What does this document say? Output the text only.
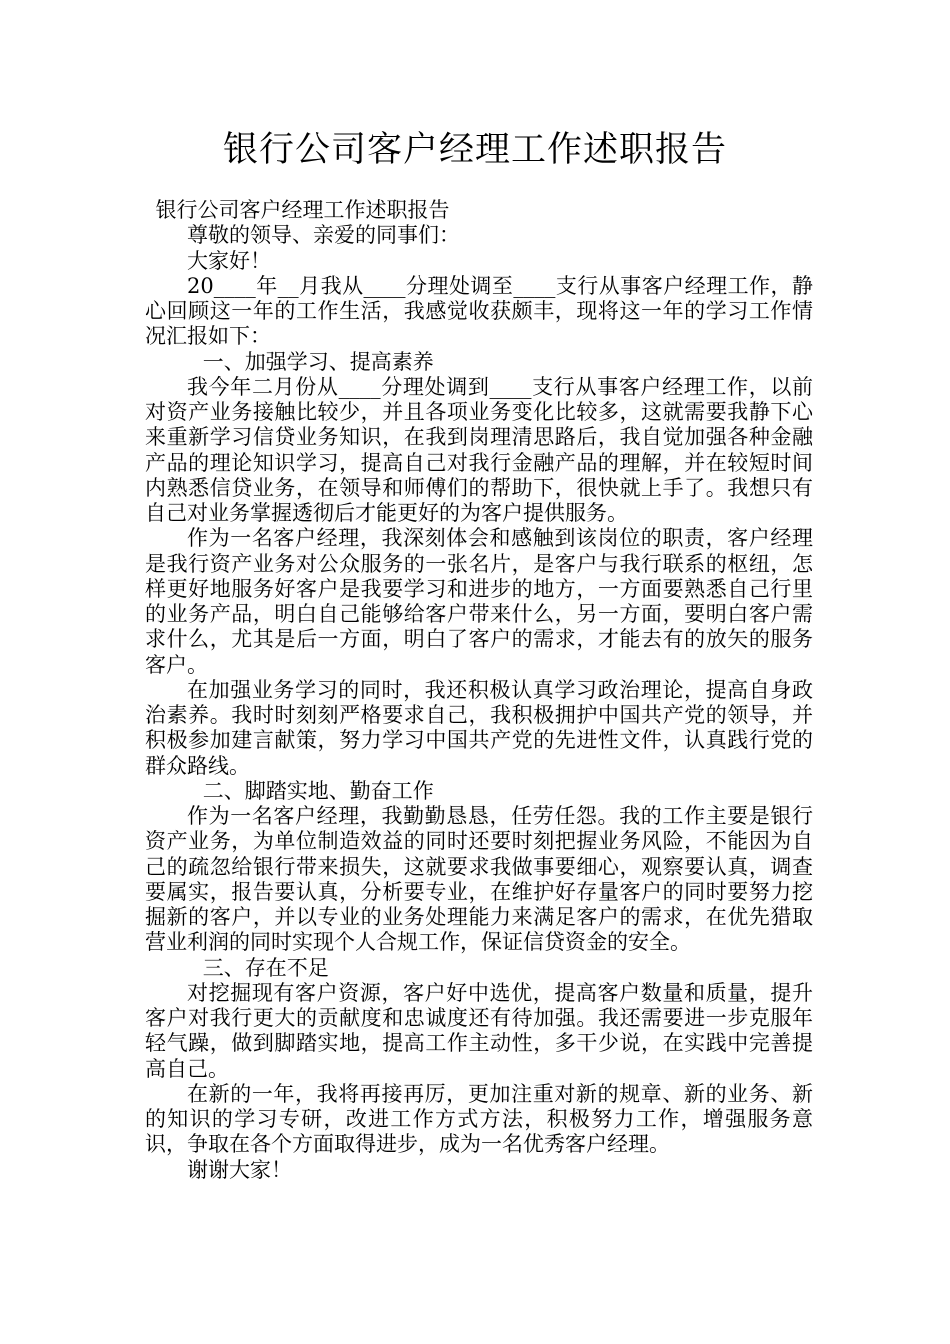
银行公司客户经理工作述职报告

银行公司客户经理工作述职报告

尊敬的领导、亲爱的同事们：

大家好！

20____年__月我从____分理处调至____支行从事客户经理工作，静心回顾这一年的工作生活，我感觉收获颇丰，现将这一年的学习工作情况汇报如下：

一、加强学习、提高素养

我今年二月份从____分理处调到____支行从事客户经理工作，以前对资产业务接触比较少，并且各项业务变化比较多，这就需要我静下心来重新学习信贷业务知识，在我到岗理清思路后，我自觉加强各种金融产品的理论知识学习，提高自己对我行金融产品的理解，并在较短时间内熟悉信贷业务，在领导和师傅们的帮助下，很快就上手了。我想只有自己对业务掌握透彻后才能更好的为客户提供服务。

作为一名客户经理，我深刻体会和感触到该岗位的职责，客户经理是我行资产业务对公众服务的一张名片，是客户与我行联系的枢纽，怎样更好地服务好客户是我要学习和进步的地方，一方面要熟悉自己行里的业务产品，明白自己能够给客户带来什么，另一方面，要明白客户需求什么，尤其是后一方面，明白了客户的需求，才能去有的放矢的服务客户。

在加强业务学习的同时，我还积极认真学习政治理论，提高自身政治素养。我时时刻刻严格要求自己，我积极拥护中国共产党的领导，并积极参加建言献策，努力学习中国共产党的先进性文件，认真践行党的群众路线。

二、脚踏实地、勤奋工作

作为一名客户经理，我勤勤恳恳，任劳任怨。我的工作主要是银行资产业务，为单位制造效益的同时还要时刻把握业务风险，不能因为自己的疏忽给银行带来损失，这就要求我做事要细心，观察要认真，调查要属实，报告要认真，分析要专业，在维护好存量客户的同时要努力挖掘新的客户，并以专业的业务处理能力来满足客户的需求，在优先猎取营业利润的同时实现个人合规工作，保证信贷资金的安全。

三、存在不足

对挖掘现有客户资源，客户好中选优，提高客户数量和质量，提升客户对我行更大的贡献度和忠诚度还有待加强。我还需要进一步克服年轻气躁，做到脚踏实地，提高工作主动性，多干少说，在实践中完善提高自己。

在新的一年，我将再接再厉，更加注重对新的规章、新的业务、新的知识的学习专研，改进工作方式方法，积极努力工作，增强服务意识，争取在各个方面取得进步，成为一名优秀客户经理。

谢谢大家！
